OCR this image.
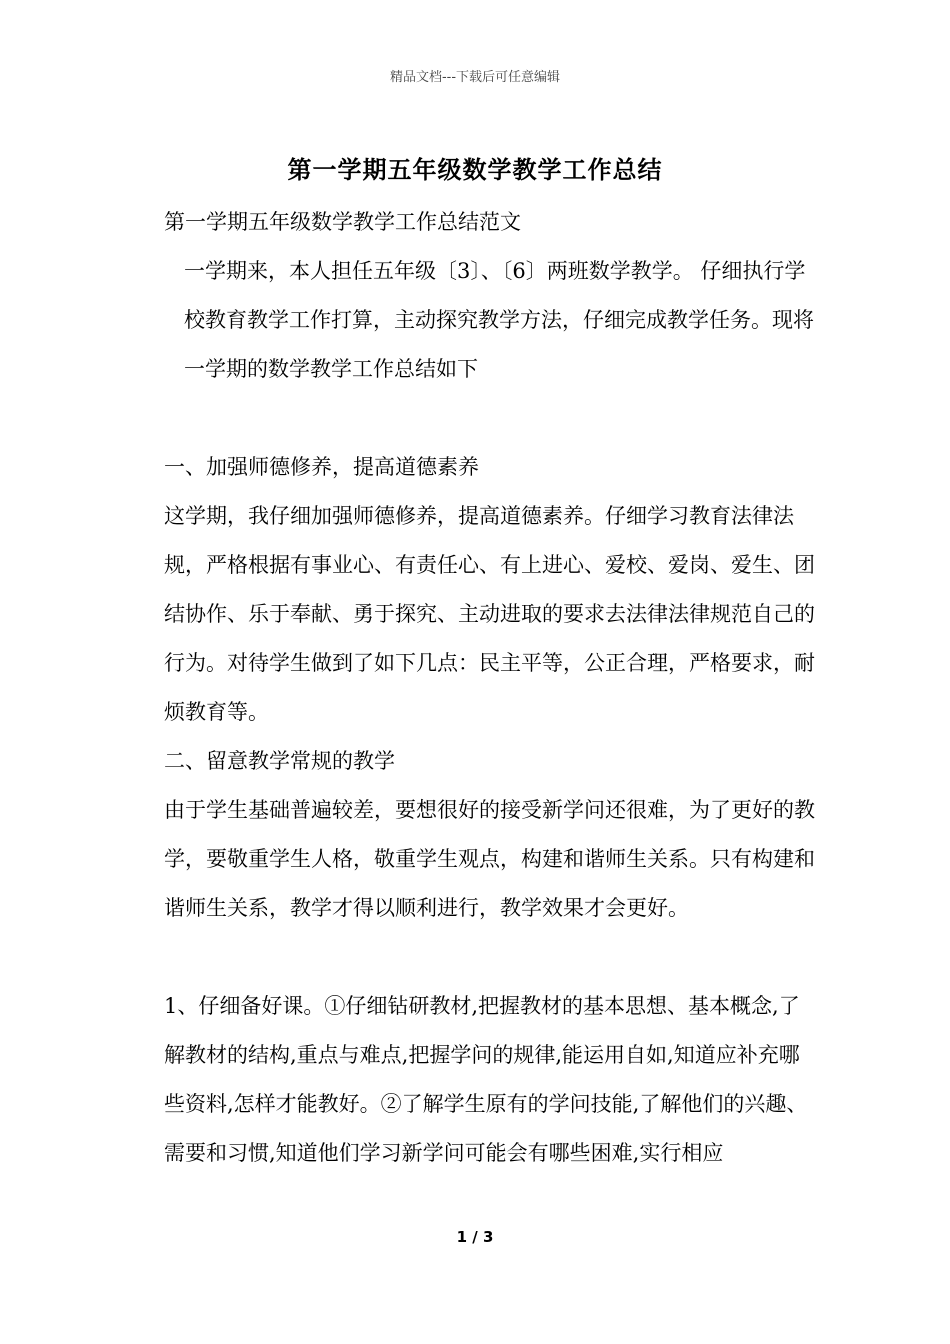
精品文档---下载后可任意编辑
第一学期五年级数学教学工作总结

第一学期五年级数学教学工作总结范文

一学期来，本人担任五年级〔3〕、〔6〕两班数学教学。 仔细执行学校教育教学工作打算，主动探究教学方法，仔细完成教学任务。现将一学期的数学教学工作总结如下

一、加强师德修养，提高道德素养

这学期，我仔细加强师德修养，提高道德素养。仔细学习教育法律法规，严格根据有事业心、有责任心、有上进心、爱校、爱岗、爱生、团结协作、乐于奉献、勇于探究、主动进取的要求去法律法律规范自己的行为。对待学生做到了如下几点：民主平等，公正合理，严格要求，耐烦教育等。

二、留意教学常规的教学

由于学生基础普遍较差，要想很好的接受新学问还很难，为了更好的教学，要敬重学生人格，敬重学生观点，构建和谐师生关系。只有构建和谐师生关系，教学才得以顺利进行，教学效果才会更好。

1、仔细备好课。①仔细钻研教材,把握教材的基本思想、基本概念,了解教材的结构,重点与难点,把握学问的规律,能运用自如,知道应补充哪些资料,怎样才能教好。②了解学生原有的学问技能,了解他们的兴趣、需要和习惯,知道他们学习新学问可能会有哪些困难,实行相应

1 / 3
